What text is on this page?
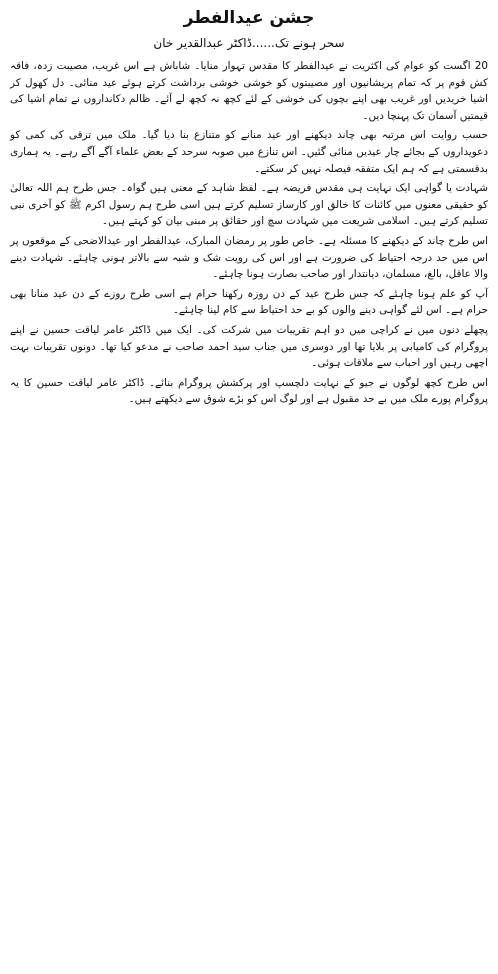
جشن عیدالفطر
سحر ہونے تک......ڈاکٹر عبدالقدیر خان

20 اگست کو عوام کی اکثریت نے عیدالفطر کا مقدس تہوار منایا۔ شاباش ہے اس غریب، مصیبت زدہ، فاقہ کش قوم پر کہ تمام پریشانیوں اور مصیبتوں کو خوشی خوشی برداشت کرتے ہوئے عید منائی۔ دل کھول کر اشیا خریدیں اور غریب بھی اپنے بچوں کی خوشی کے لئے کچھ نہ کچھ لے آئے۔ ظالم دکانداروں نے تمام اشیا کی قیمتیں آسمان تک پہنچا دیں۔

حسب روایت اس مرتبہ بھی چاند دیکھنے اور عید منانے کو متنازع بنا دیا گیا۔ ملک میں ترقی کی کمی کو دعویداروں کے بجائے چار عیدیں منائی گئیں۔ اس تنازع میں صوبہ سرحد کے بعض علماء آگے آگے رہے۔ یہ ہماری بدقسمتی ہے کہ ہم ایک متفقہ فیصلہ نہیں کر سکتے۔

شہادت یا گواہی ایک نہایت ہی مقدس فریضہ ہے۔ لفظ شاہد کے معنی ہیں گواہ۔ جس طرح ہم اللہ تعالیٰ کو حقیقی معنوں میں کائنات کا خالق اور کارساز تسلیم کرتے ہیں اسی طرح ہم رسول اکرم ﷺ کو آخری نبی تسلیم کرتے ہیں۔ اسلامی شریعت میں شہادت سچ اور حقائق پر مبنی بیان کو کہتے ہیں۔

اس طرح چاند کے دیکھنے کا مسئلہ ہے۔ خاص طور پر رمضان المبارک، عیدالفطر اور عیدالاضحی کے موقعوں پر اس میں حد درجہ احتیاط کی ضرورت ہے اور اس کی رویت شک و شبہ سے بالاتر ہونی چاہئے۔ شہادت دینے والا عاقل، بالغ، مسلمان، دیانتدار اور صاحب بصارت ہونا چاہئے۔

آپ کو علم ہونا چاہئے کہ جس طرح عید کے دن روزہ رکھنا حرام ہے اسی طرح روزے کے دن عید منانا بھی حرام ہے۔ اس لئے گواہی دینے والوں کو بے حد احتیاط سے کام لینا چاہئے۔

پچھلے دنوں میں نے کراچی میں دو اہم تقریبات میں شرکت کی۔ ایک میں ڈاکٹر عامر لیاقت حسین نے اپنے پروگرام کی کامیابی پر بلایا تھا اور دوسری میں جناب سید احمد صاحب نے مدعو کیا تھا۔ دونوں تقریبات بہت اچھی رہیں اور احباب سے ملاقات ہوئی۔

اس طرح کچھ لوگوں نے جیو کے نہایت دلچسپ اور پرکشش پروگرام بنائے۔ ڈاکٹر عامر لیاقت حسین کا یہ پروگرام پورے ملک میں بے حد مقبول ہے اور لوگ اس کو بڑے شوق سے دیکھتے ہیں۔
